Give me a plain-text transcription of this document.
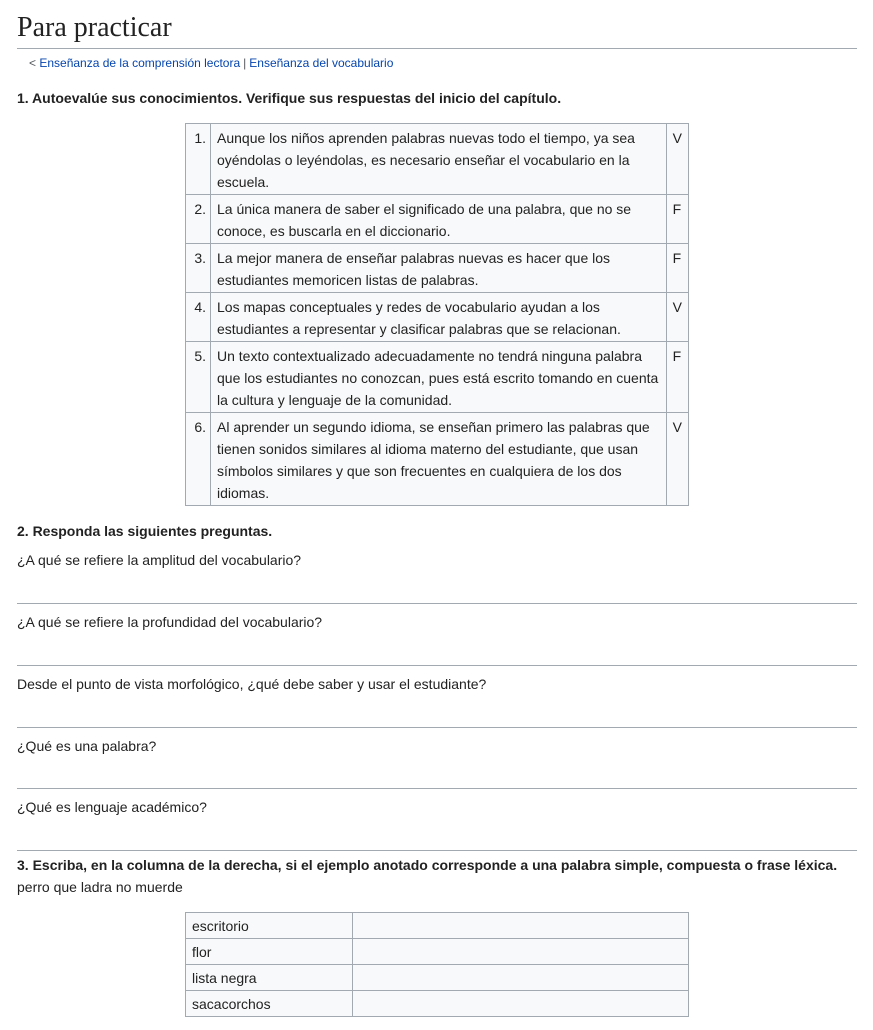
Para practicar
< Enseñanza de la comprensión lectora | Enseñanza del vocabulario
1. Autoevalúe sus conocimientos. Verifique sus respuestas del inicio del capítulo.
1.	Aunque los niños aprenden palabras nuevas todo el tiempo, ya sea oyéndolas o leyéndolas, es necesario enseñar el vocabulario en la escuela.	V
2.	La única manera de saber el significado de una palabra, que no se conoce, es buscarla en el diccionario.	F
3.	La mejor manera de enseñar palabras nuevas es hacer que los estudiantes memoricen listas de palabras.	F
4.	Los mapas conceptuales y redes de vocabulario ayudan a los estudiantes a representar y clasificar palabras que se relacionan.	V
5.	Un texto contextualizado adecuadamente no tendrá ninguna palabra que los estudiantes no conozcan, pues está escrito tomando en cuenta la cultura y lenguaje de la comunidad.	F
6.	Al aprender un segundo idioma, se enseñan primero las palabras que tienen sonidos similares al idioma materno del estudiante, que usan símbolos similares y que son frecuentes en cualquiera de los dos idiomas.	V
2. Responda las siguientes preguntas.
¿A qué se refiere la amplitud del vocabulario?
¿A qué se refiere la profundidad del vocabulario?
Desde el punto de vista morfológico, ¿qué debe saber y usar el estudiante?
¿Qué es una palabra?
¿Qué es lenguaje académico?
3. Escriba, en la columna de la derecha, si el ejemplo anotado corresponde a una palabra simple, compuesta o frase léxica.
perro que ladra no muerde
escritorio	
flor	
lista negra	
sacacorchos	
